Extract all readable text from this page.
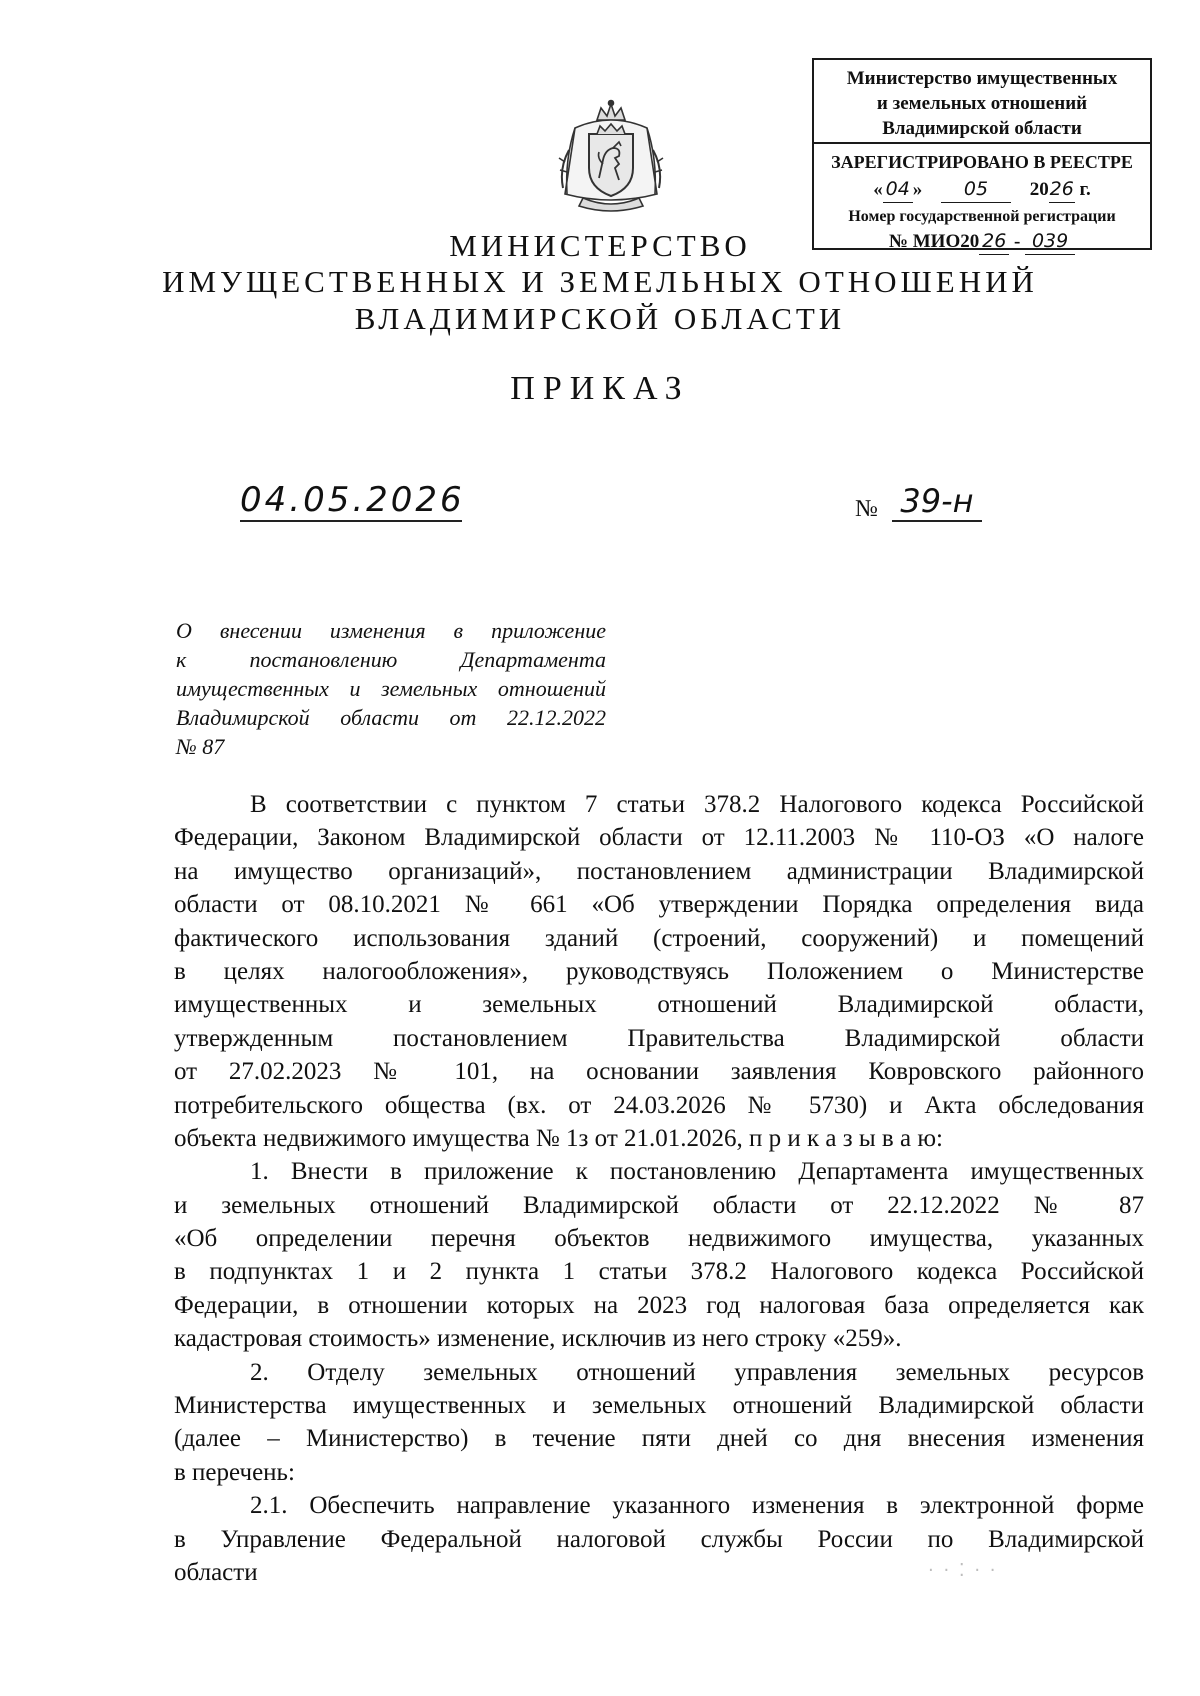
Министерство имущественных
и земельных отношений
Владимирской области
ЗАРЕГИСТРИРОВАНО В РЕЕСТРЕ
« 04 » 05 2026 г.
Номер государственной регистрации
№ МИО20 26 - 039
МИНИСТЕРСТВО
ИМУЩЕСТВЕННЫХ И ЗЕМЕЛЬНЫХ ОТНОШЕНИЙ
ВЛАДИМИРСКОЙ ОБЛАСТИ
ПРИКАЗ
04.05.2026	№ 39-н
О внесении изменения в приложение
к постановлению Департамента
имущественных и земельных отношений
Владимирской области от 22.12.2022
№ 87
В соответствии с пунктом 7 статьи 378.2 Налогового кодекса Российской
Федерации, Законом Владимирской области от 12.11.2003 № 110-ОЗ «О налоге
на имущество организаций», постановлением администрации Владимирской
области от 08.10.2021 № 661 «Об утверждении Порядка определения вида
фактического использования зданий (строений, сооружений) и помещений
в целях налогообложения», руководствуясь Положением о Министерстве
имущественных и земельных отношений Владимирской области,
утвержденным постановлением Правительства Владимирской области
от 27.02.2023 № 101, на основании заявления Ковровского районного
потребительского общества (вх. от 24.03.2026 № 5730) и Акта обследования
объекта недвижимого имущества № 1з от 21.01.2026, п р и к а з ы в а ю:
1. Внести в приложение к постановлению Департамента имущественных
и земельных отношений Владимирской области от 22.12.2022 № 87
«Об определении перечня объектов недвижимого имущества, указанных
в подпунктах 1 и 2 пункта 1 статьи 378.2 Налогового кодекса Российской
Федерации, в отношении которых на 2023 год налоговая база определяется как
кадастровая стоимость» изменение, исключив из него строку «259».
2. Отделу земельных отношений управления земельных ресурсов
Министерства имущественных и земельных отношений Владимирской области
(далее – Министерство) в течение пяти дней со дня внесения изменения
в перечень:
2.1. Обеспечить направление указанного изменения в электронной форме
в Управление Федеральной налоговой службы России по Владимирской
области	· · ⁚ · ·
